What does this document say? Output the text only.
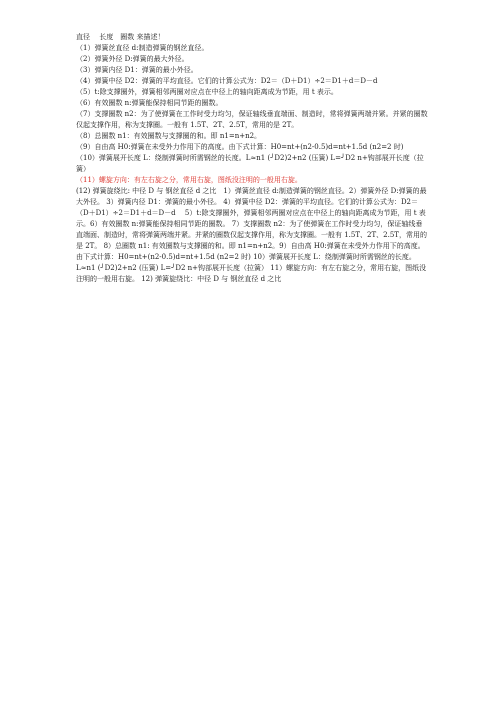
直径　 长度　圈数 来描述！

（1）弹簧丝直径 d:制造弹簧的钢丝直径。

（2）弹簧外径 D:弹簧的最大外径。

（3）弹簧内径 D1：弹簧的最小外径。

（4）弹簧中径 D2：弹簧的平均直径。它们的计算公式为：D2＝（D＋D1）÷2＝D1＋d＝D－d

（5）t:除支撑圈外，弹簧相邻两圈对应点在中径上的轴向距离成为节距，用 t 表示。

（6）有效圈数 n:弹簧能保持相同节距的圈数。

（7）支撑圈数 n2：为了使弹簧在工作时受力均匀，保证轴线垂直端面、制造时，常将弹簧两端并紧。并紧的圈数仅起支撑作用，称为支撑圈。一般有 1.5T、2T、2.5T，常用的是 2T。

（8）总圈数 n1：有效圈数与支撑圈的和。即 n1=n+n2。

（9）自由高 H0:弹簧在未受外力作用下的高度。由下式计算：H0=nt+(n2-0.5)d=nt+1.5d (n2=2 时)

（10）弹簧展开长度 L：绕制弹簧时所需钢丝的长度。L≈n1 (╯D2)2+n2 (压簧) L=╯D2 n+钩部展开长度（拉簧）

（11）螺旋方向：有左右旋之分，常用右旋，图纸没注明的一般用右旋。

(12) 弹簧旋绕比: 中径 D 与 钢丝直径 d 之比　1）弹簧丝直径 d:制造弹簧的钢丝直径。2）弹簧外径 D:弹簧的最大外径。 3）弹簧内径 D1：弹簧的最小外径。 4）弹簧中径 D2：弹簧的平均直径。它们的计算公式为：D2＝（D＋D1）÷2＝D1＋d＝D－d　 5）t:除支撑圈外，弹簧相邻两圈对应点在中径上的轴向距离成为节距，用 t 表示。6）有效圈数 n:弹簧能保持相同节距的圈数。 7）支撑圈数 n2：为了使弹簧在工作时受力均匀，保证轴线垂直端面、制造时，常将弹簧两端并紧。并紧的圈数仅起支撑作用，称为支撑圈。一般有 1.5T、2T、2.5T，常用的是 2T。 8）总圈数 n1: 有效圈数与支撑圈的和。即 n1=n+n2。9）自由高 H0:弹簧在未受外力作用下的高度。由下式计算：H0=nt+(n2-0.5)d=nt+1.5d (n2=2 时) 10）弹簧展开长度 L：绕制弹簧时所需钢丝的长度。L≈n1 (╯D2)2+n2 (压簧) L=╯D2 n+钩部展开长度（拉簧） 11）螺旋方向：有左右旋之分，常用右旋，图纸没注明的一般用右旋。 12) 弹簧旋绕比：中径 D 与 钢丝直径 d 之比
